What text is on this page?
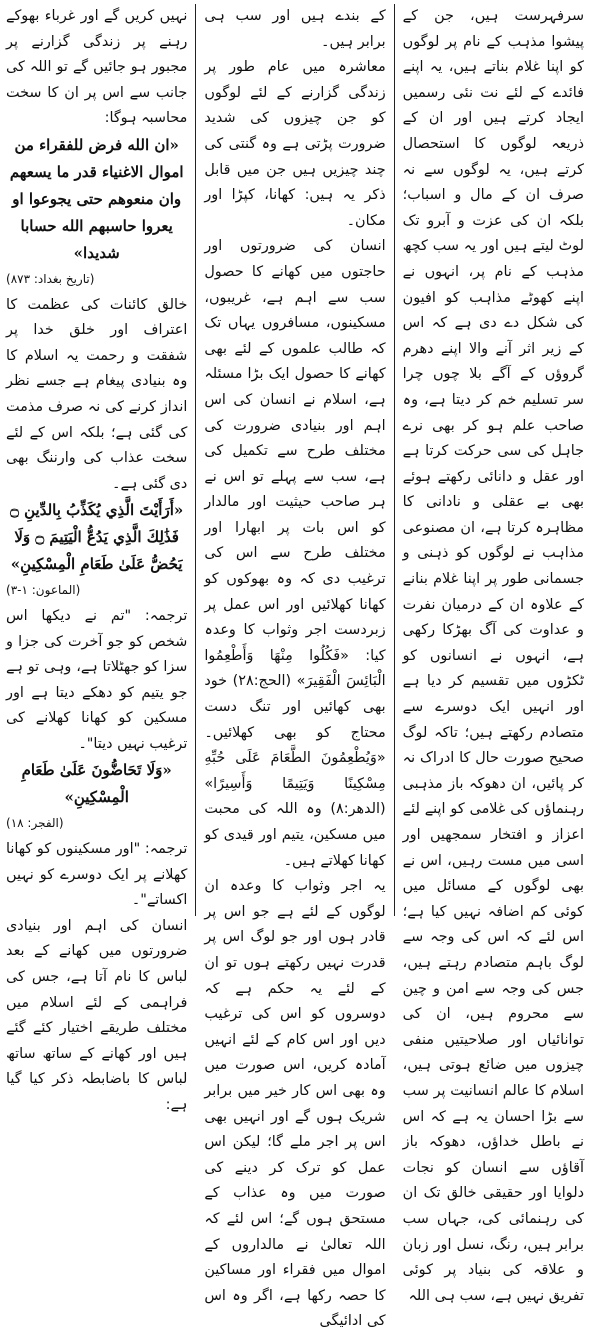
سرفہرست ہیں، جن کے پیشوا مذہب کے نام پر لوگوں کو اپنا غلام بناتے ہیں، یہ اپنے فائدے کے لئے نت نئی رسمیں ایجاد کرتے ہیں اور ان کے ذریعہ لوگوں کا استحصال کرتے ہیں، یہ لوگوں سے نہ صرف ان کے مال و اسباب؛ بلکہ ان کی عزت و آبرو تک لوٹ لیتے ہیں اور یہ سب کچھ مذہب کے نام پر، انہوں نے اپنے کھوٹے مذاہب کو افیون کی شکل دے دی ہے کہ اس کے زیر اثر آنے والا اپنے دھرم گروؤں کے آگے بلا چوں چرا سر تسلیم خم کر دیتا ہے، وہ صاحب علم ہو کر بھی نرے جاہل کی سی حرکت کرتا ہے اور عقل و دانائی رکھتے ہوئے بھی بے عقلی و نادانی کا مظاہرہ کرتا ہے، ان مصنوعی مذاہب نے لوگوں کو ذہنی و جسمانی طور پر اپنا غلام بنانے کے علاوہ ان کے درمیان نفرت و عداوت کی آگ بھڑکا رکھی ہے، انہوں نے انسانوں کو ٹکڑوں میں تقسیم کر دیا ہے اور انہیں ایک دوسرے سے متصادم رکھتے ہیں؛ تاکہ لوگ صحیح صورت حال کا ادراک نہ کر پائیں، ان دھوکہ باز مذہبی رہنماؤں کی غلامی کو اپنے لئے اعزاز و افتخار سمجھیں اور اسی میں مست رہیں، اس نے بھی لوگوں کے مسائل میں کوئی کم اضافہ نہیں کیا ہے؛ اس لئے کہ اس کی وجہ سے لوگ باہم متصادم رہتے ہیں، جس کی وجہ سے امن و چین سے محروم ہیں، ان کی توانائیاں اور صلاحیتیں منفی چیزوں میں ضائع ہوتی ہیں، اسلام کا عالم انسانیت پر سب سے بڑا احسان یہ ہے کہ اس نے باطل خداؤں، دھوکہ باز آقاؤں سے انسان کو نجات دلوایا اور حقیقی خالق تک ان کی رہنمائی کی، جہاں سب برابر ہیں، رنگ، نسل اور زبان و علاقہ کی بنیاد پر کوئی تفریق نہیں ہے، سب ہی اللہ

کے بندے ہیں اور سب ہی برابر ہیں۔

معاشرہ میں عام طور پر زندگی گزارنے کے لئے لوگوں کو جن چیزوں کی شدید ضرورت پڑتی ہے وہ گنتی کی چند چیزیں ہیں جن میں قابل ذکر یہ ہیں: کھانا، کپڑا اور مکان۔

انسان کی ضرورتوں اور حاجتوں میں کھانے کا حصول سب سے اہم ہے، غریبوں، مسکینوں، مسافروں یہاں تک کہ طالب علموں کے لئے بھی کھانے کا حصول ایک بڑا مسئلہ ہے، اسلام نے انسان کی اس اہم اور بنیادی ضرورت کی مختلف طرح سے تکمیل کی ہے، سب سے پہلے تو اس نے ہر صاحب حیثیت اور مالدار کو اس بات پر ابھارا اور مختلف طرح سے اس کی ترغیب دی کہ وہ بھوکوں کو کھانا کھلائیں اور اس عمل پر زبردست اجر وثواب کا وعدہ کیا: «فَكُلُوا مِنْهَا وَأَطْعِمُوا الْبَائِسَ الْفَقِيرَ» (الحج:۲۸) خود بھی کھائیں اور تنگ دست محتاج کو بھی کھلائیں۔ «وَيُطْعِمُونَ الطَّعَامَ عَلَى حُبِّهِ مِسْكِينًا وَيَتِيمًا وَأَسِيرًا» (الدھر:۸) وہ اللہ کی محبت میں مسکین، یتیم اور قیدی کو کھانا کھلاتے ہیں۔

یہ اجر وثواب کا وعدہ ان لوگوں کے لئے ہے جو اس پر قادر ہوں اور جو لوگ اس پر قدرت نہیں رکھتے ہوں تو ان کے لئے یہ حکم ہے کہ دوسروں کو اس کی ترغیب دیں اور اس کام کے لئے انہیں آمادہ کریں، اس صورت میں وہ بھی اس کار خیر میں برابر شریک ہوں گے اور انہیں بھی اس پر اجر ملے گا؛ لیکن اس عمل کو ترک کر دینے کی صورت میں وہ عذاب کے مستحق ہوں گے؛ اس لئے کہ اللہ تعالیٰ نے مالداروں کے اموال میں فقراء اور مساکین کا حصہ رکھا ہے، اگر وہ اس کی ادائیگی

نہیں کریں گے اور غرباء بھوکے رہنے پر زندگی گزارنے پر مجبور ہو جائیں گے تو اللہ کی جانب سے اس پر ان کا سخت محاسبہ ہوگا:

«ان الله فرض للفقراء من اموال الاغنياء قدر ما يسعهم وان منعوهم حتى يجوعوا او يعروا حاسبهم الله حسابا شديدا»

(تاریخ بغداد: ۸۷۳)

خالق کائنات کی عظمت کا اعتراف اور خلق خدا پر شفقت و رحمت یہ اسلام کا وہ بنیادی پیغام ہے جسے نظر انداز کرنے کی نہ صرف مذمت کی گئی ہے؛ بلکہ اس کے لئے سخت عذاب کی وارننگ بھی دی گئی ہے۔

«أَرَأَيْتَ الَّذِي يُكَذِّبُ بِالدِّينِ ۝ فَذَٰلِكَ الَّذِي يَدُعُّ الْيَتِيمَ ۝ وَلَا يَحُضُّ عَلَىٰ طَعَامِ الْمِسْكِينِ»

(الماعون: ۱-۳)

ترجمہ: "تم نے دیکھا اس شخص کو جو آخرت کی جزا و سزا کو جھٹلاتا ہے، وہی تو ہے جو یتیم کو دھکے دیتا ہے اور مسکین کو کھانا کھلانے کی ترغیب نہیں دیتا"۔

«وَلَا تَحَاضُّونَ عَلَىٰ طَعَامِ الْمِسْكِينِ»

(الفجر: ۱۸)

ترجمہ: "اور مسکینوں کو کھانا کھلانے پر ایک دوسرے کو نہیں اکساتے"۔

انسان کی اہم اور بنیادی ضرورتوں میں کھانے کے بعد لباس کا نام آتا ہے، جس کی فراہمی کے لئے اسلام میں مختلف طریقے اختیار کئے گئے ہیں اور کھانے کے ساتھ ساتھ لباس کا باضابطہ ذکر کیا گیا ہے:
